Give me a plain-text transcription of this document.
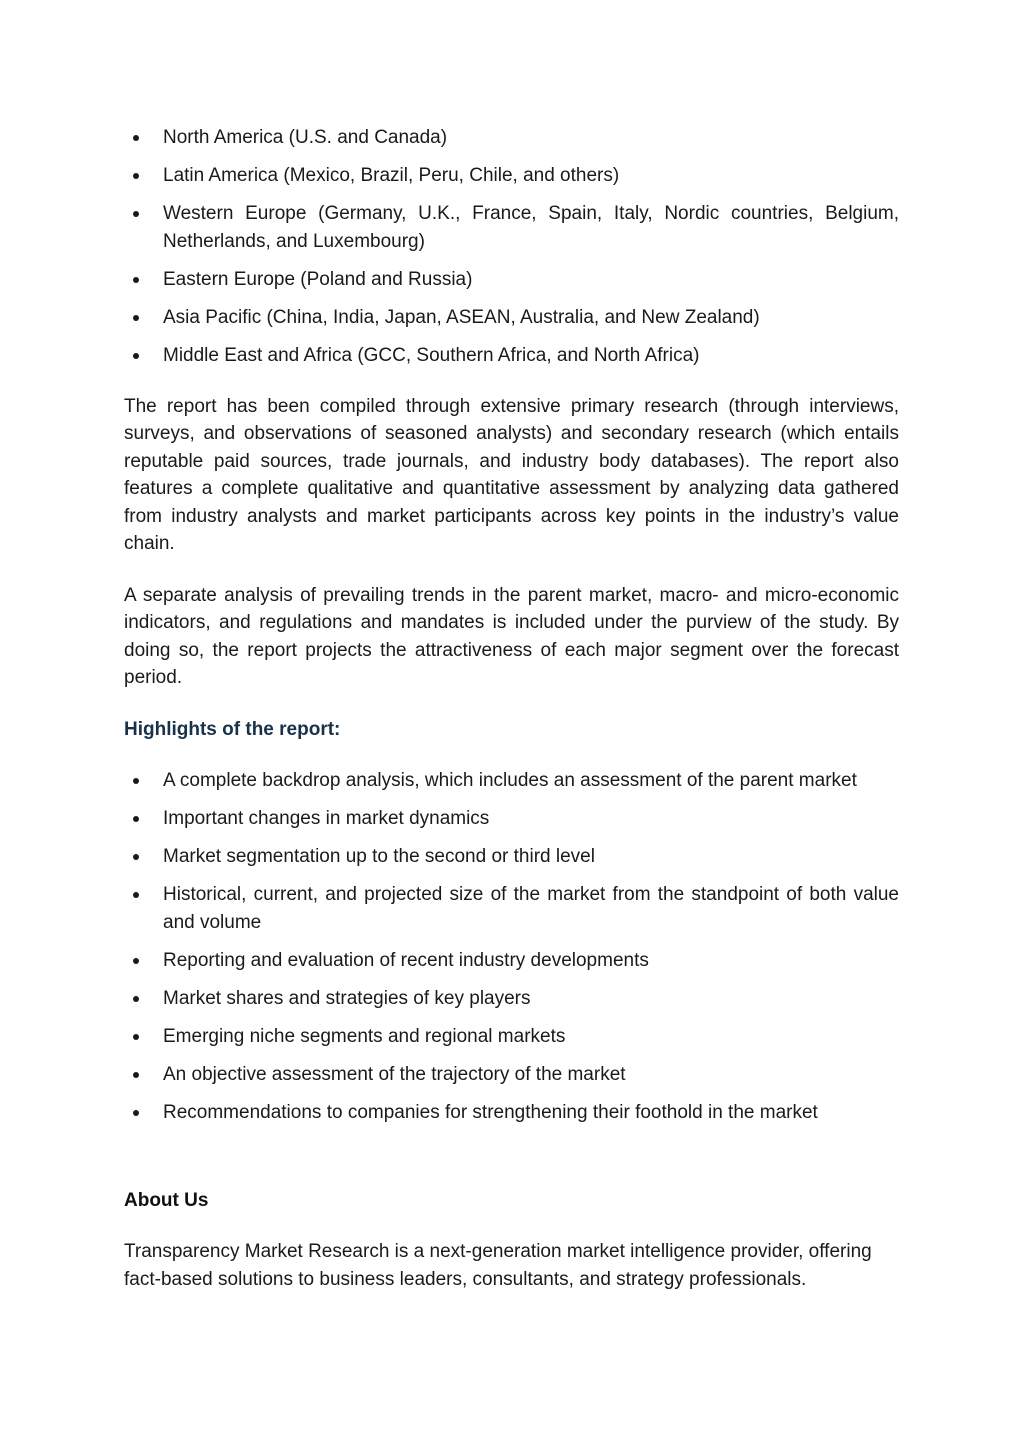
North America (U.S. and Canada)
Latin America (Mexico, Brazil, Peru, Chile, and others)
Western Europe (Germany, U.K., France, Spain, Italy, Nordic countries, Belgium, Netherlands, and Luxembourg)
Eastern Europe (Poland and Russia)
Asia Pacific (China, India, Japan, ASEAN, Australia, and New Zealand)
Middle East and Africa (GCC, Southern Africa, and North Africa)

The report has been compiled through extensive primary research (through interviews, surveys, and observations of seasoned analysts) and secondary research (which entails reputable paid sources, trade journals, and industry body databases). The report also features a complete qualitative and quantitative assessment by analyzing data gathered from industry analysts and market participants across key points in the industry’s value chain.

A separate analysis of prevailing trends in the parent market, macro- and micro-economic indicators, and regulations and mandates is included under the purview of the study. By doing so, the report projects the attractiveness of each major segment over the forecast period.

Highlights of the report:
A complete backdrop analysis, which includes an assessment of the parent market
Important changes in market dynamics
Market segmentation up to the second or third level
Historical, current, and projected size of the market from the standpoint of both value and volume
Reporting and evaluation of recent industry developments
Market shares and strategies of key players
Emerging niche segments and regional markets
An objective assessment of the trajectory of the market
Recommendations to companies for strengthening their foothold in the market
About Us

Transparency Market Research is a next-generation market intelligence provider, offering fact-based solutions to business leaders, consultants, and strategy professionals.
